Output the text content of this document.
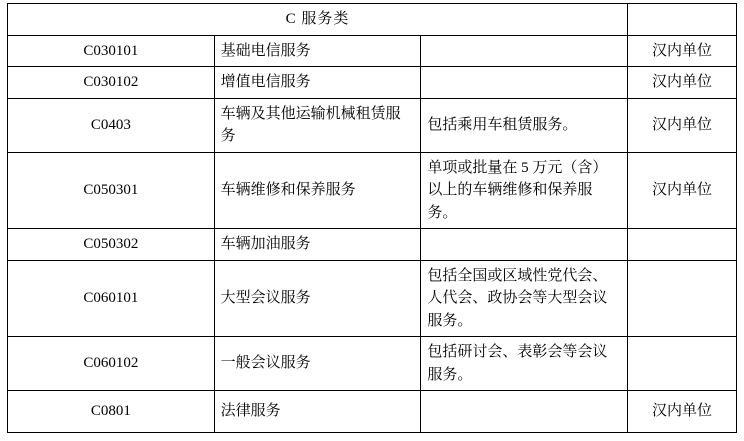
C 服务类			
C030101	基础电信服务		汉内单位
C030102	增值电信服务		汉内单位
C0403	车辆及其他运输机械租赁服务	包括乘用车租赁服务。	汉内单位
C050301	车辆维修和保养服务	单项或批量在 5 万元（含）以上的车辆维修和保养服务。	汉内单位
C050302	车辆加油服务		
C060101	大型会议服务	包括全国或区域性党代会、人代会、政协会等大型会议服务。	
C060102	一般会议服务	包括研讨会、表彰会等会议服务。	
C0801	法律服务		汉内单位
